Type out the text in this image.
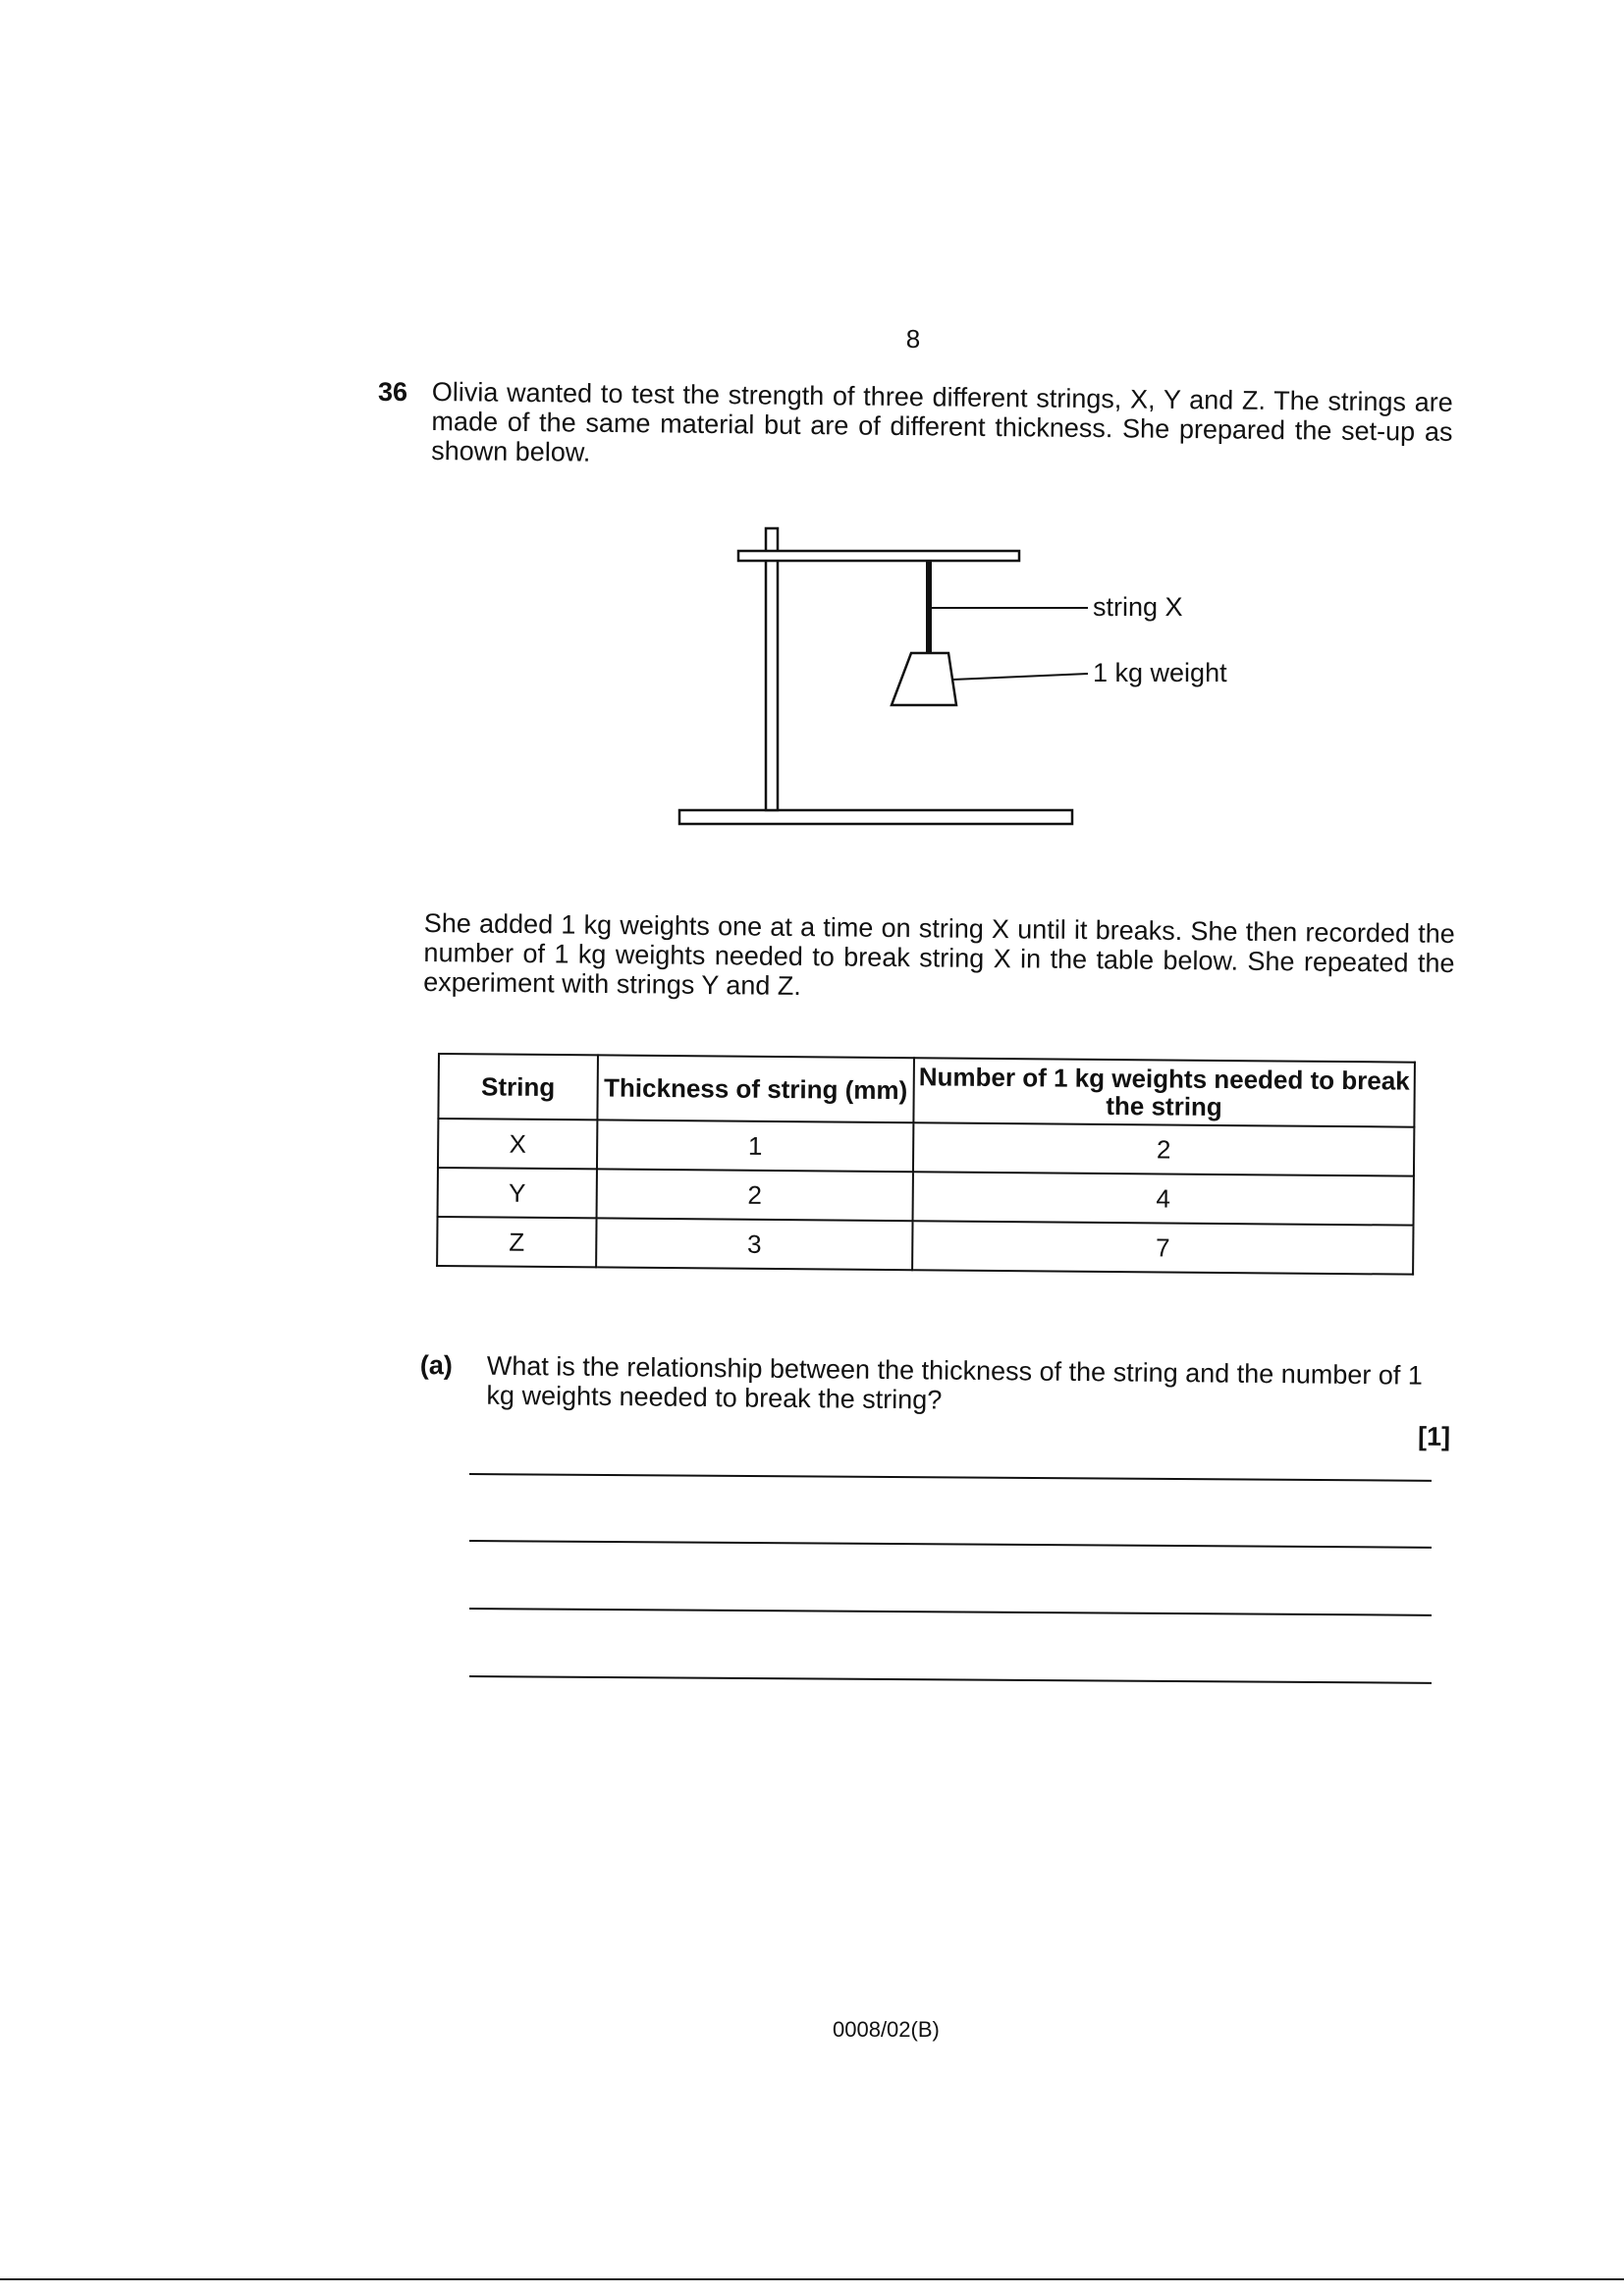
8
36 Olivia wanted to test the strength of three different strings, X, Y and Z. The strings are made of the same material but are of different thickness. She prepared the set-up as shown below.
string X
1 kg weight
She added 1 kg weights one at a time on string X until it breaks. She then recorded the number of 1 kg weights needed to break string X in the table below. She repeated the experiment with strings Y and Z.
String	Thickness of string (mm)	Number of 1 kg weights needed to break the string
X	1	2
Y	2	4
Z	3	7
(a) What is the relationship between the thickness of the string and the number of 1 kg weights needed to break the string?
[1]
0008/02(B)
